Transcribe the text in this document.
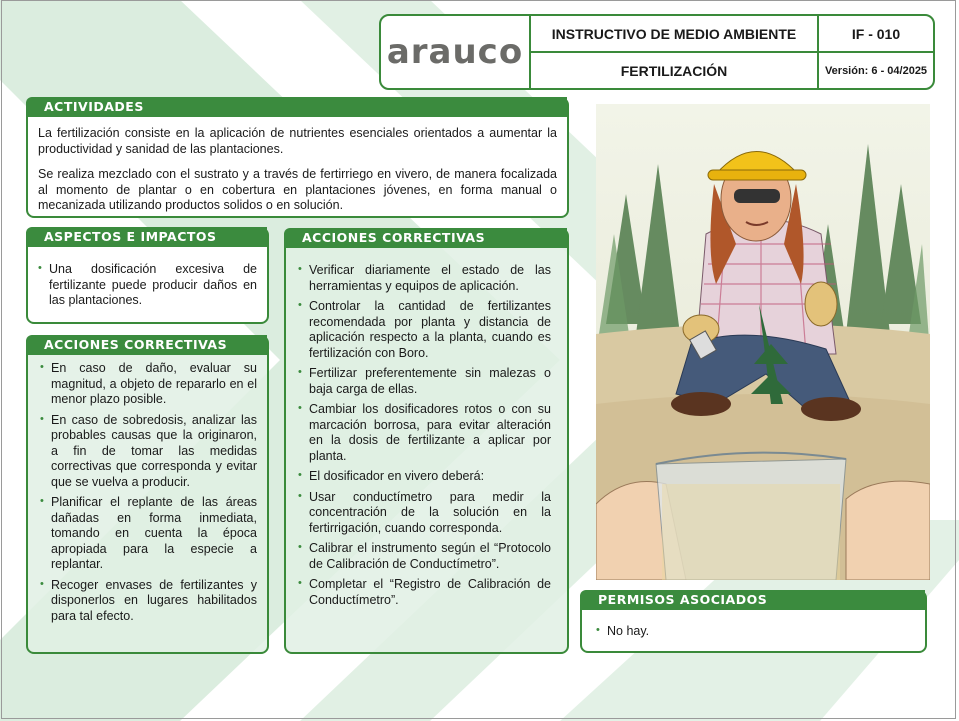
arauco	INSTRUCTIVO DE MEDIO AMBIENTE
FERTILIZACIÓN
IF - 010
Versión: 6 - 04/2025
ACTIVIDADES

La fertilización consiste en la aplicación de nutrientes esenciales orientados a aumentar la productividad y sanidad de las plantaciones.

Se realiza mezclado con el sustrato y a través de fertirriego en vivero, de manera focalizada al momento de plantar o en cobertura en plantaciones jóvenes, en forma manual o mecanizada utilizando productos solidos o en solución.

ASPECTOS E IMPACTOS
• Una dosificación excesiva de fertilizante puede producir daños en las plantaciones.
ACCIONES CORRECTIVAS
• En caso de daño, evaluar su magnitud, a objeto de repararlo en el menor plazo posible.
• En caso de sobredosis, analizar las probables causas que la originaron, a fin de tomar las medidas correctivas que corresponda y evitar que se vuelva a producir.
• Planificar el replante de las áreas dañadas en forma inmediata, tomando en cuenta la época apropiada para la especie a replantar.
• Recoger envases de fertilizantes y disponerlos en lugares habilitados para tal efecto.
ACCIONES CORRECTIVAS
• Verificar diariamente el estado de las herramientas y equipos de aplicación.
• Controlar la cantidad de fertilizantes recomendada por planta y distancia de aplicación respecto a la planta, cuando es fertilización con Boro.
• Fertilizar preferentemente sin malezas o baja carga de ellas.
• Cambiar los dosificadores rotos o con su marcación borrosa, para evitar alteración en la dosis de fertilizante a aplicar por planta.
• El dosificador en vivero deberá:
• Usar conductímetro para medir la concentración de la solución en la fertirrigación, cuando corresponda.
• Calibrar el instrumento según el “Protocolo de Calibración de Conductímetro”.
• Completar el “Registro de Calibración de Conductímetro”.	PERMISOS ASOCIADOS
• No hay.
